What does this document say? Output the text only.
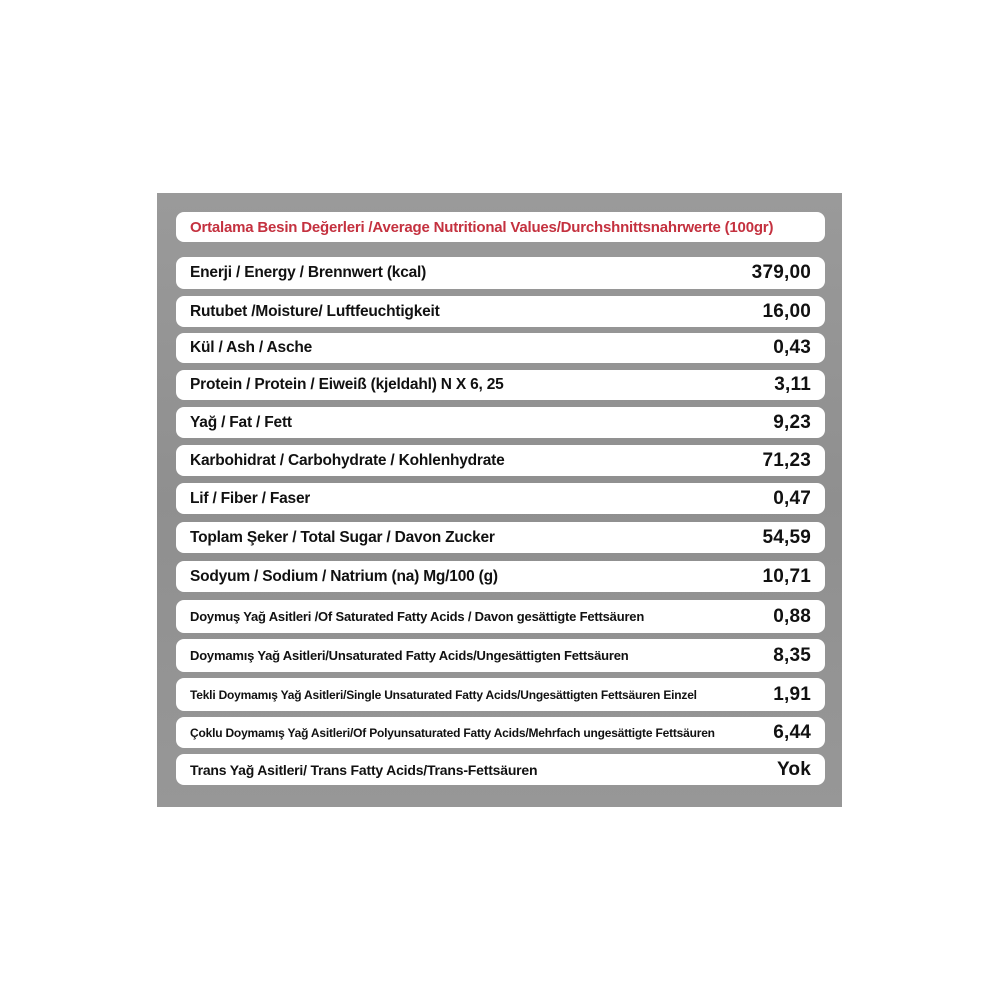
Ortalama Besin Değerleri /Average Nutritional Values/Durchshnittsnahrwerte (100gr)
Enerji / Energy / Brennwert (kcal)	379,00
Rutubet /Moisture/ Luftfeuchtigkeit	16,00
Kül / Ash / Asche	0,43
Protein / Protein / Eiweiß (kjeldahl) N X 6, 25	3,11
Yağ / Fat / Fett	9,23
Karbohidrat / Carbohydrate / Kohlenhydrate	71,23
Lif / Fiber / Faser	0,47
Toplam Şeker / Total Sugar / Davon Zucker	54,59
Sodyum / Sodium / Natrium (na) Mg/100 (g)	10,71
Doymuş Yağ Asitleri /Of Saturated Fatty Acids / Davon gesättigte Fettsäuren	0,88
Doymamış Yağ Asitleri/Unsaturated Fatty Acids/Ungesättigten Fettsäuren	8,35
Tekli Doymamış Yağ Asitleri/Single Unsaturated Fatty Acids/Ungesättigten Fettsäuren Einzel	1,91
Çoklu Doymamış Yağ Asitleri/Of Polyunsaturated Fatty Acids/Mehrfach ungesättigte Fettsäuren	6,44
Trans Yağ Asitleri/ Trans Fatty Acids/Trans-Fettsäuren	Yok
